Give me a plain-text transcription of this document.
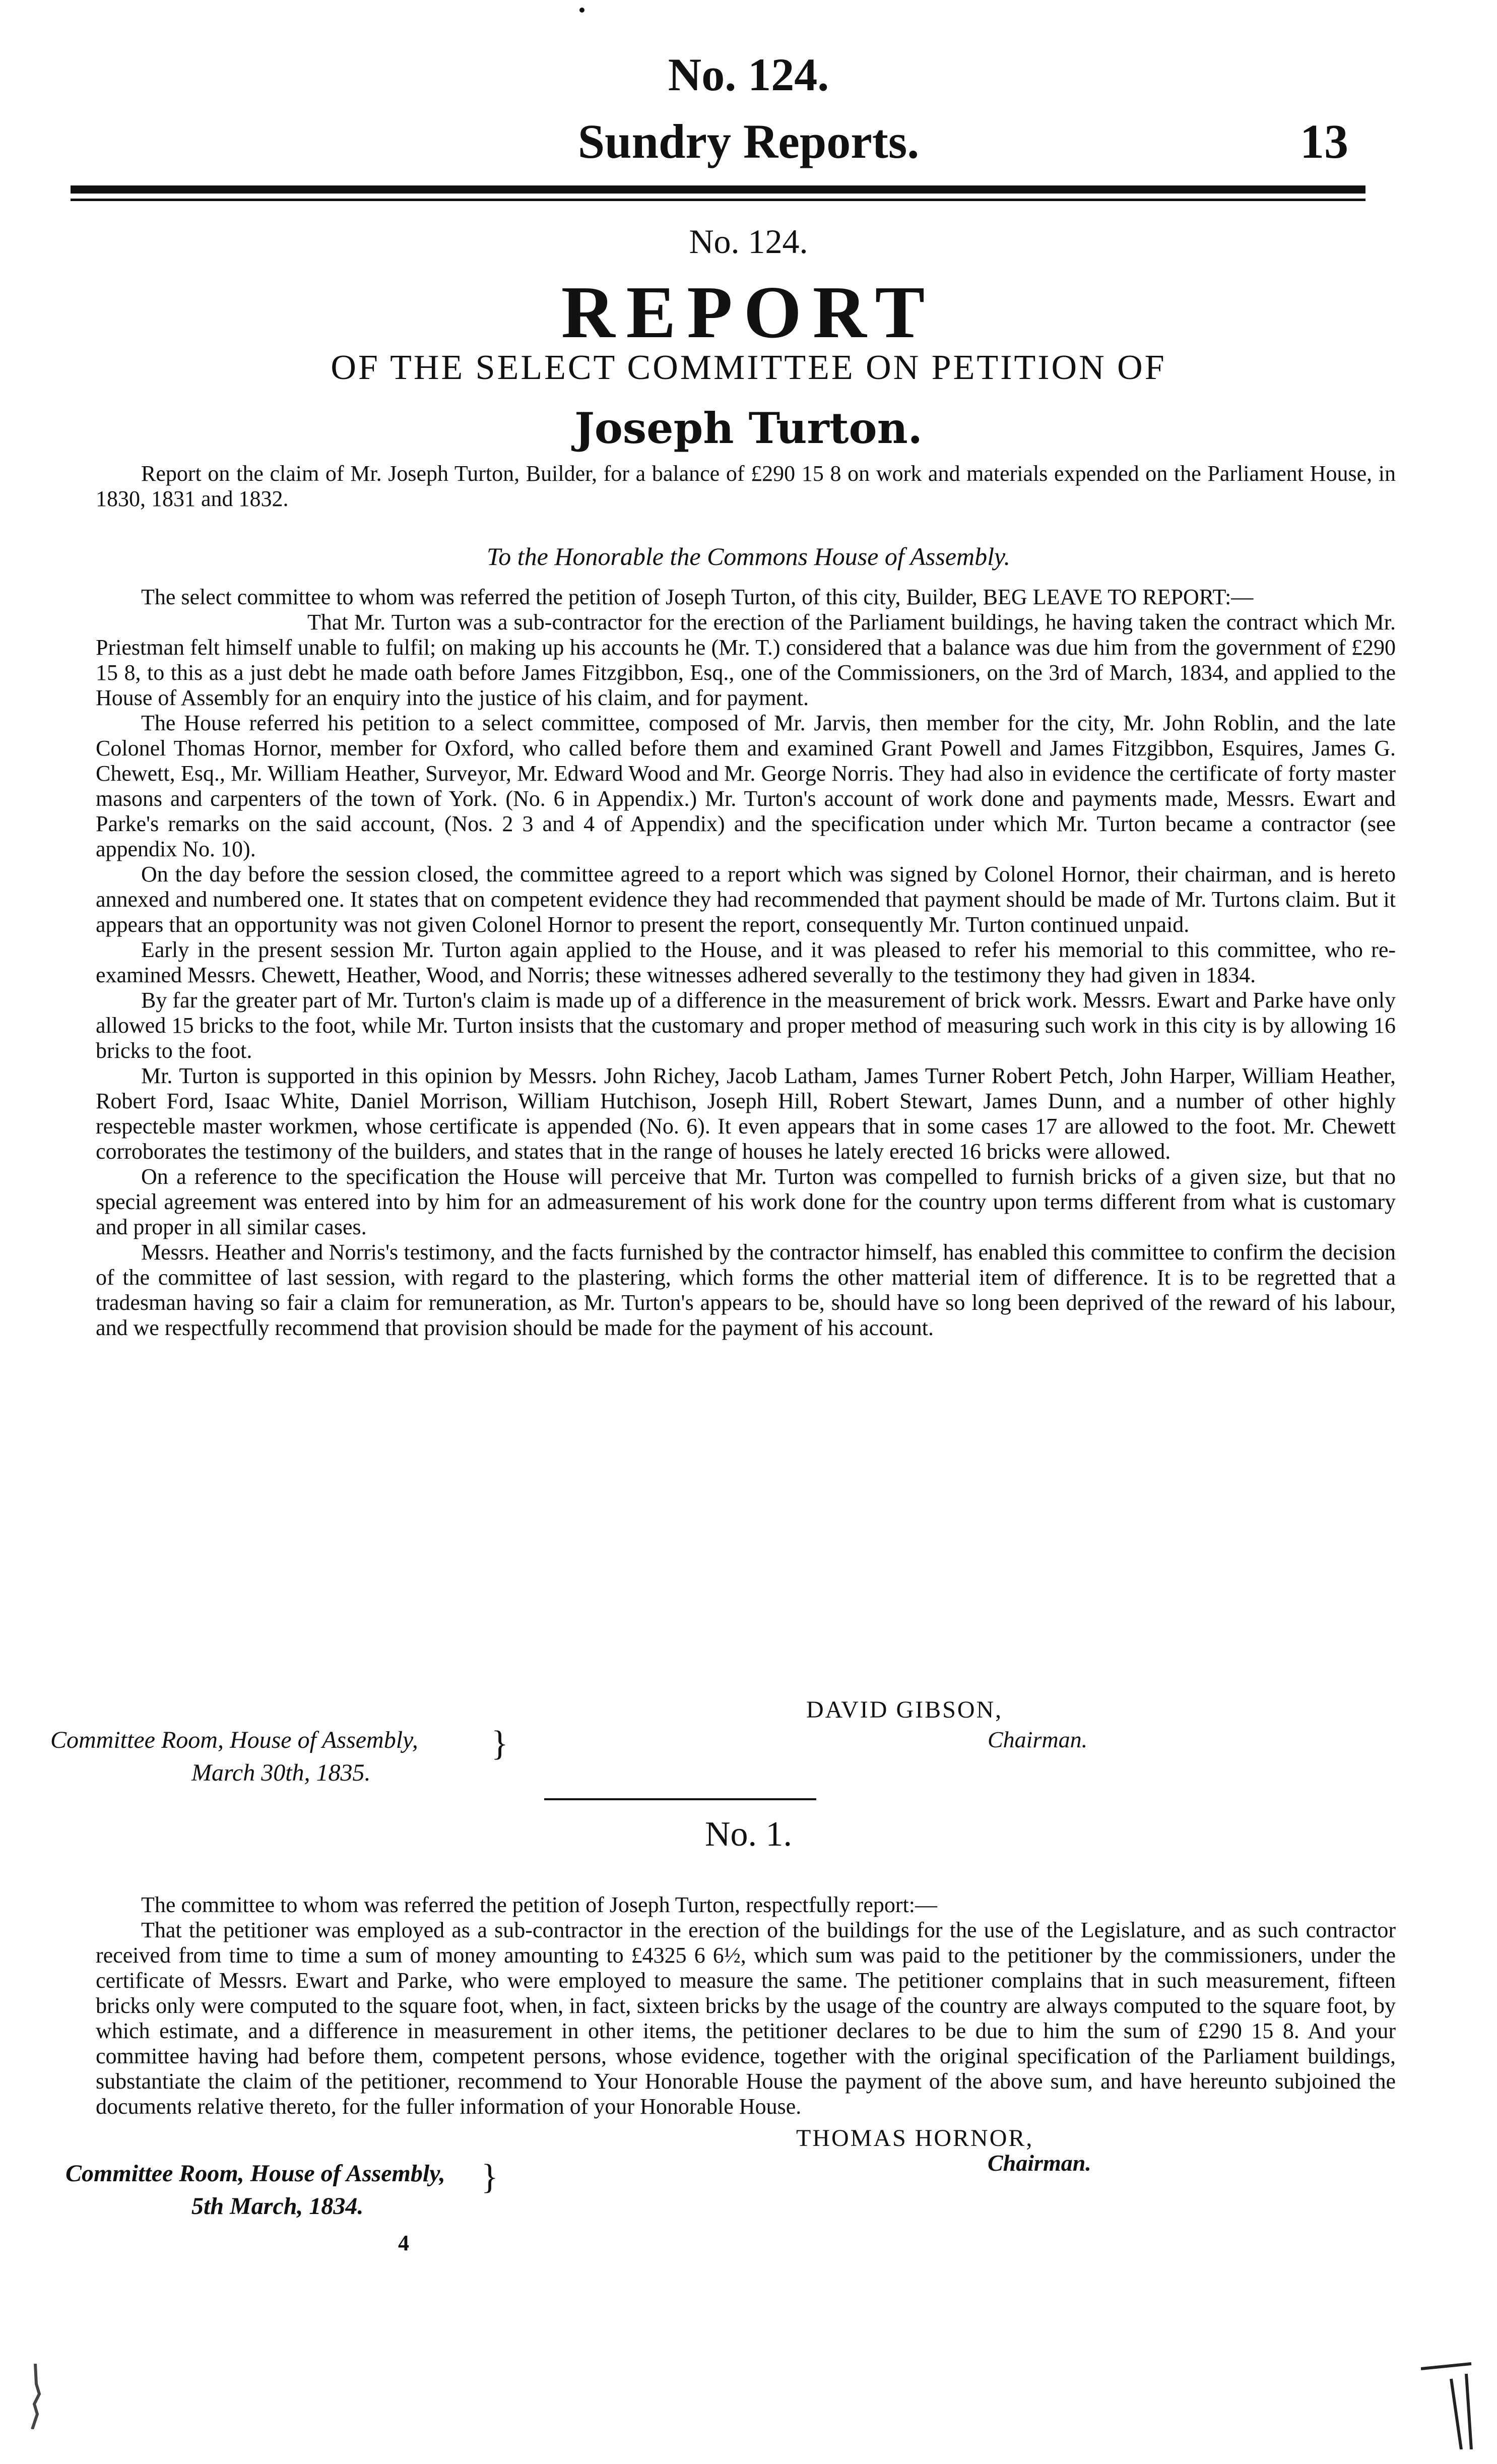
No. 124.
Sundry Reports.	13
No. 124.
REPORT
OF THE SELECT COMMITTEE ON PETITION OF
Joseph Turton.

Report on the claim of Mr. Joseph Turton, Builder, for a balance of £290 15 8 on work and materials expended on the Parliament House, in 1830, 1831 and 1832.

To the Honorable the Commons House of Assembly.

The select committee to whom was referred the petition of Joseph Turton, of this city, Builder, BEG LEAVE TO REPORT:—

That Mr. Turton was a sub-contractor for the erection of the Parliament buildings, he having taken the contract which Mr. Priestman felt himself unable to fulfil; on making up his accounts he (Mr. T.) considered that a balance was due him from the government of £290 15 8, to this as a just debt he made oath before James Fitzgibbon, Esq., one of the Commissioners, on the 3rd of March, 1834, and applied to the House of Assembly for an enquiry into the justice of his claim, and for payment.

The House referred his petition to a select committee, composed of Mr. Jarvis, then member for the city, Mr. John Roblin, and the late Colonel Thomas Hornor, member for Oxford, who called before them and examined Grant Powell and James Fitzgibbon, Esquires, James G. Chewett, Esq., Mr. William Heather, Surveyor, Mr. Edward Wood and Mr. George Norris. They had also in evidence the certificate of forty master masons and carpenters of the town of York. (No. 6 in Appendix.) Mr. Turton's account of work done and payments made, Messrs. Ewart and Parke's remarks on the said account, (Nos. 2 3 and 4 of Appendix) and the specification under which Mr. Turton became a contractor (see appendix No. 10).

On the day before the session closed, the committee agreed to a report which was signed by Colonel Hornor, their chairman, and is hereto annexed and numbered one. It states that on competent evidence they had recommended that payment should be made of Mr. Turtons claim. But it appears that an opportunity was not given Colonel Hornor to present the report, consequently Mr. Turton continued unpaid.

Early in the present session Mr. Turton again applied to the House, and it was pleased to refer his memorial to this committee, who re-examined Messrs. Chewett, Heather, Wood, and Norris; these witnesses adhered severally to the testimony they had given in 1834.

By far the greater part of Mr. Turton's claim is made up of a difference in the measurement of brick work. Messrs. Ewart and Parke have only allowed 15 bricks to the foot, while Mr. Turton insists that the customary and proper method of measuring such work in this city is by allowing 16 bricks to the foot.

Mr. Turton is supported in this opinion by Messrs. John Richey, Jacob Latham, James Turner Robert Petch, John Harper, William Heather, Robert Ford, Isaac White, Daniel Morrison, William Hutchison, Joseph Hill, Robert Stewart, James Dunn, and a number of other highly respecteble master workmen, whose certificate is appended (No. 6). It even appears that in some cases 17 are allowed to the foot. Mr. Chewett corroborates the testimony of the builders, and states that in the range of houses he lately erected 16 bricks were allowed.

On a reference to the specification the House will perceive that Mr. Turton was compelled to furnish bricks of a given size, but that no special agreement was entered into by him for an admeasurement of his work done for the country upon terms different from what is customary and proper in all similar cases.

Messrs. Heather and Norris's testimony, and the facts furnished by the contractor himself, has enabled this committee to confirm the decision of the committee of last session, with regard to the plastering, which forms the other matterial item of difference. It is to be regretted that a tradesman having so fair a claim for remuneration, as Mr. Turton's appears to be, should have so long been deprived of the reward of his labour, and we respectfully recommend that provision should be made for the payment of his account.

DAVID GIBSON,
Chairman.
Committee Room, House of Assembly,
March 30th, 1835.
}
No. 1.

The committee to whom was referred the petition of Joseph Turton, respectfully report:—

That the petitioner was employed as a sub-contractor in the erection of the buildings for the use of the Legislature, and as such contractor received from time to time a sum of money amounting to £4325 6 6½, which sum was paid to the petitioner by the commissioners, under the certificate of Messrs. Ewart and Parke, who were employed to measure the same. The petitioner complains that in such measurement, fifteen bricks only were computed to the square foot, when, in fact, sixteen bricks by the usage of the country are always computed to the square foot, by which estimate, and a difference in measurement in other items, the petitioner declares to be due to him the sum of £290 15 8. And your committee having had before them, competent persons, whose evidence, together with the original specification of the Parliament buildings, substantiate the claim of the petitioner, recommend to Your Honorable House the payment of the above sum, and have hereunto subjoined the documents relative thereto, for the fuller information of your Honorable House.

THOMAS HORNOR,
Chairman.
Committee Room, House of Assembly,
5th March, 1834.
}
4
